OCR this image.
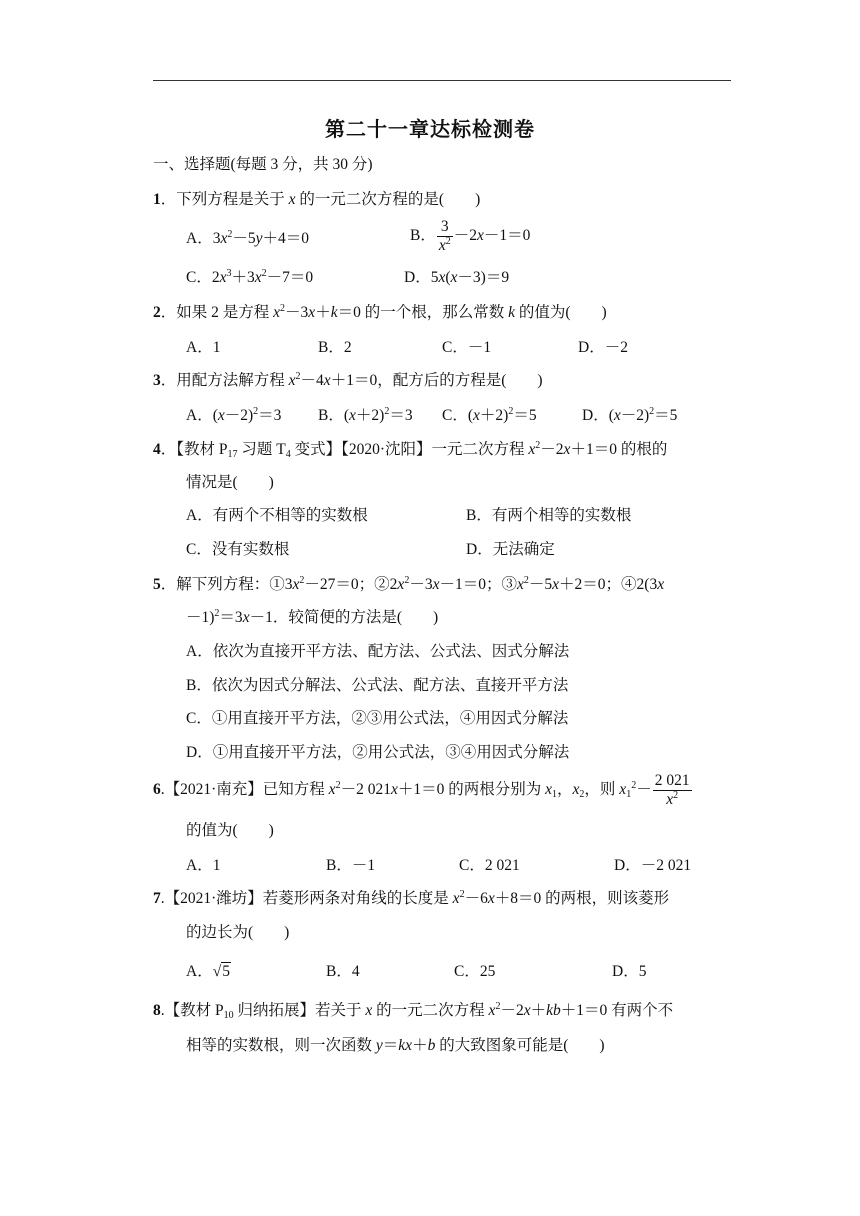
第二十一章达标检测卷
一、选择题(每题 3 分，共 30 分)
1．下列方程是关于 x 的一元二次方程的是(　　)
A．$3x^2-5y+4=0$	B． $\frac{3}{x^2} -2x-1=0$
C．$2x^3+3x^2-7=0$	D．5x(x－3)＝9
2．如果 2 是方程 $x^2-3x+k=0$ 的一个根，那么常数 k 的值为(　　)
A．1	B．2	C．－1	D．－2
3．用配方法解方程 $x^2-4x+1=0$，配方后的方程是(　　)
A．$(x-2)^2=3$ B．$(x+2)^2=3$ C．$(x+2)^2=5$	D．$(x-2)^2=5$
4．【教材 $P_{17}$ 习题 $T_4$ 变式】【2020·沈阳】一元二次方程 $x^2-2x+1=0$ 的根的
情况是(　　)
A．有两个不相等的实数根	B．有两个相等的实数根
C．没有实数根	D．无法确定
5．解下列方程：$①3x^2-27=0$；$②2x^2-3x-1=0$；$③x^2-5x+2=0$；④2(3x
－1)$^2$＝3x－1．较简便的方法是(　　)
A．依次为直接开平方法、配方法、公式法、因式分解法
B．依次为因式分解法、公式法、配方法、直接开平方法
C．①用直接开平方法，②③用公式法，④用因式分解法
D．①用直接开平方法，②用公式法，③④用因式分解法
6.【2021·南充】已知方程 $x^2-2$ 021x＋1＝0 的两根分别为 $x_1$，$x_2$，则 $x_1^2- \frac{2 021}{x^2}$
的值为(　　)
A．1	B．－1	C．2 021	D．－2 021
7.【2021·潍坊】若菱形两条对角线的长度是 $x^2-6x+8=0$ 的两根，则该菱形
的边长为(　　)
A．√5	B．4	C．25	D．5
8.【教材 $P_{10}$ 归纳拓展】若关于 x 的一元二次方程 $x^2-2x+kb+1=0$ 有两个不
相等的实数根，则一次函数 y＝kx＋b 的大致图象可能是(　　)
